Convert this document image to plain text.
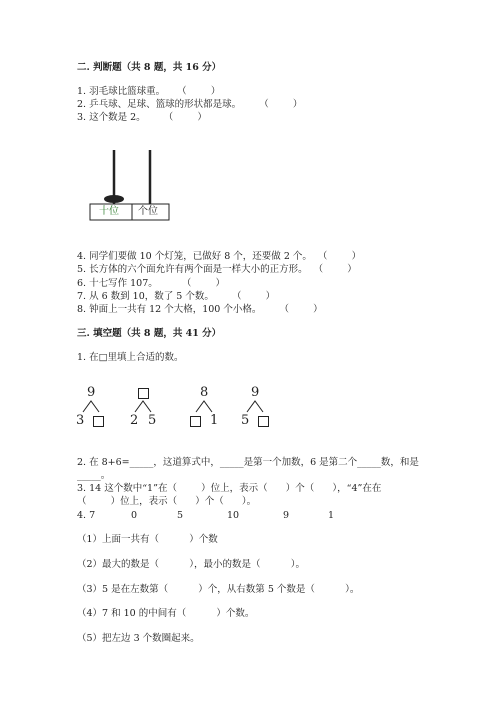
二. 判断题（共 8 题，共 16 分）
1. 羽毛球比篮球重。    （        ）
2. 乒乓球、足球、篮球的形状都是球。      （        ）
3. 这个数是 2。      （        ）
十位 个位
4. 同学们要做 10 个灯笼，已做好 8 个，还要做 2 个。  （        ）
5. 长方体的六个面允许有两个面是一样大小的正方形。  （        ）
6. 十七写作 107。        （        ）
7. 从 6 数到 10，数了 5 个数。      （        ）
8. 钟面上一共有 12 个大格，100 个小格。      （        ）
三. 填空题（共 8 题，共 41 分）
1. 在□里填上合适的数。
9
3	2 5
8
1
9
5
2. 在 8+6=_____，这道算式中，_____是第一个加数，6 是第二个_____数，和是
_____。
3. 14 这个数中“1”在（        ）位上，表示（      ）个（      ），“4”在在
（        ）位上，表示（      ）个（      ）。
4. 7	0	5	10	9	1
（1）上面一共有（          ）个数
（2）最大的数是（          ），最小的数是（          ）。
（3）5 是在左数第（          ）个，从右数第 5 个数是（          ）。
（4）7 和 10 的中间有（          ）个数。
（5）把左边 3 个数圈起来。
